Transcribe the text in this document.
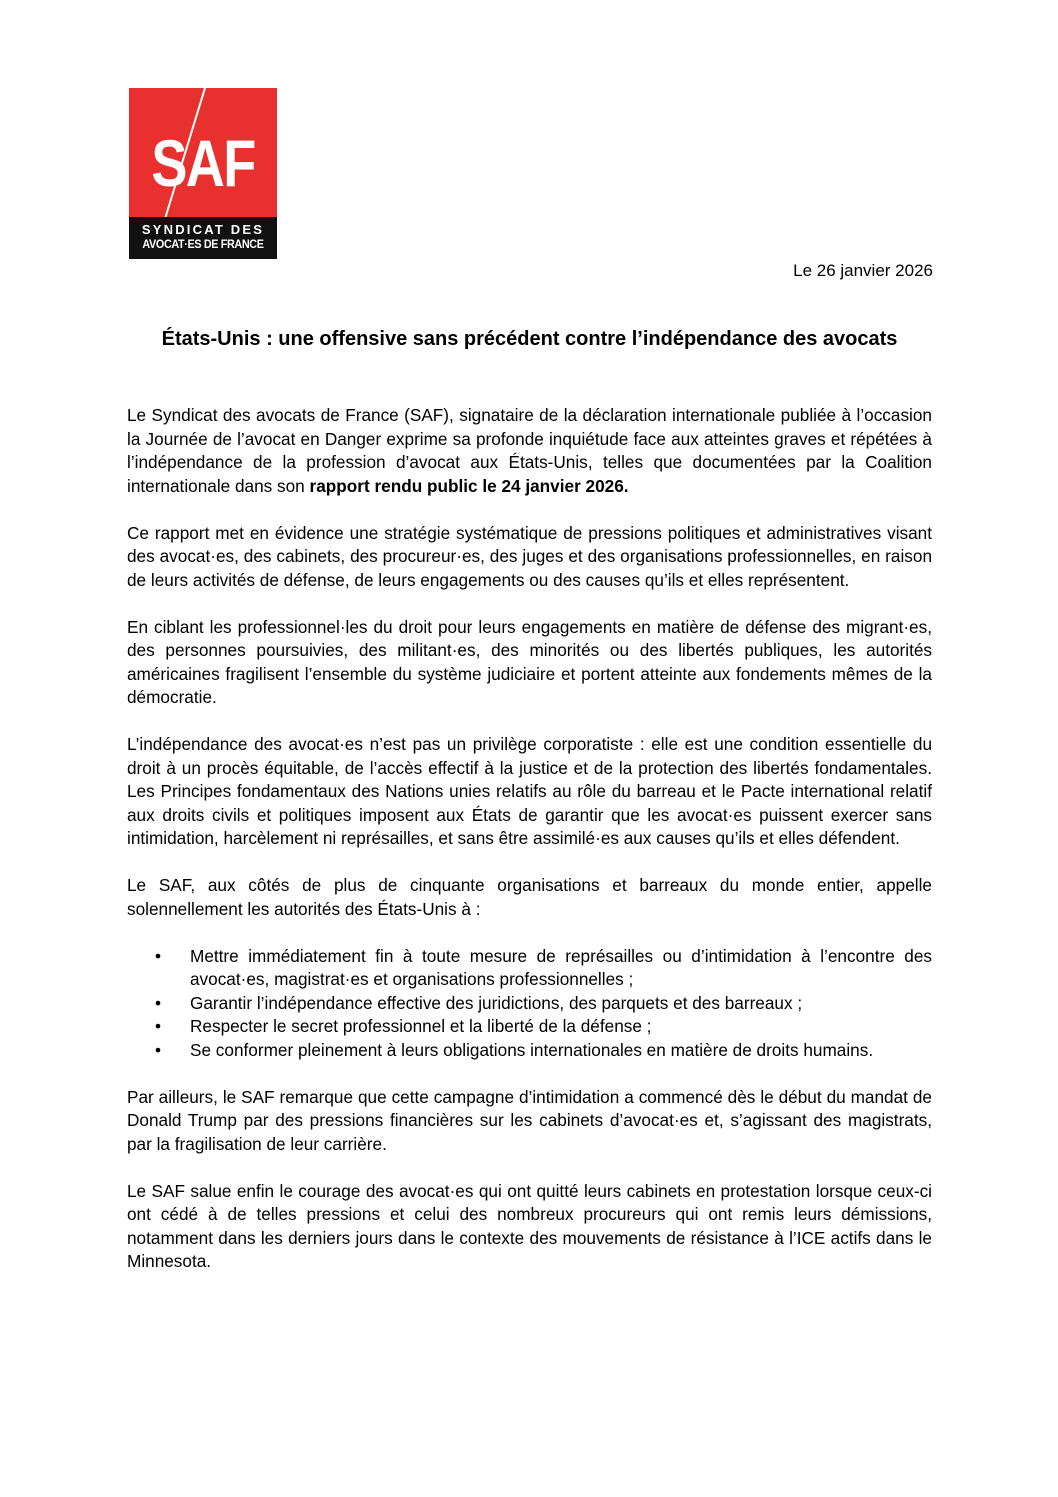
SAF
SYNDICAT DES
AVOCAT·ES DE FRANCE
Le 26 janvier 2026
États-Unis : une offensive sans précédent contre l’indépendance des avocats

Le Syndicat des avocats de France (SAF), signataire de la déclaration internationale publiée à l’occasion la Journée de l’avocat en Danger exprime sa profonde inquiétude face aux atteintes graves et répétées à l’indépendance de la profession d’avocat aux États-Unis, telles que documentées par la Coalition internationale dans son rapport rendu public le 24 janvier 2026.

Ce rapport met en évidence une stratégie systématique de pressions politiques et administratives visant des avocat·es, des cabinets, des procureur·es, des juges et des organisations professionnelles, en raison de leurs activités de défense, de leurs engagements ou des causes qu’ils et elles représentent.

En ciblant les professionnel·les du droit pour leurs engagements en matière de défense des migrant·es, des personnes poursuivies, des militant·es, des minorités ou des libertés publiques, les autorités américaines fragilisent l’ensemble du système judiciaire et portent atteinte aux fondements mêmes de la démocratie.

L’indépendance des avocat·es n’est pas un privilège corporatiste : elle est une condition essentielle du droit à un procès équitable, de l’accès effectif à la justice et de la protection des libertés fondamentales. Les Principes fondamentaux des Nations unies relatifs au rôle du barreau et le Pacte international relatif aux droits civils et politiques imposent aux États de garantir que les avocat·es puissent exercer sans intimidation, harcèlement ni représailles, et sans être assimilé·es aux causes qu’ils et elles défendent.

Le SAF, aux côtés de plus de cinquante organisations et barreaux du monde entier, appelle solennellement les autorités des États-Unis à :

• Mettre immédiatement fin à toute mesure de représailles ou d’intimidation à l’encontre des avocat·es, magistrat·es et organisations professionnelles ;
• Garantir l’indépendance effective des juridictions, des parquets et des barreaux ;
• Respecter le secret professionnel et la liberté de la défense ;
• Se conformer pleinement à leurs obligations internationales en matière de droits humains.

Par ailleurs, le SAF remarque que cette campagne d’intimidation a commencé dès le début du mandat de Donald Trump par des pressions financières sur les cabinets d’avocat·es et, s’agissant des magistrats, par la fragilisation de leur carrière.

Le SAF salue enfin le courage des avocat·es qui ont quitté leurs cabinets en protestation lorsque ceux-ci ont cédé à de telles pressions et celui des nombreux procureurs qui ont remis leurs démissions, notamment dans les derniers jours dans le contexte des mouvements de résistance à l’ICE actifs dans le Minnesota.
